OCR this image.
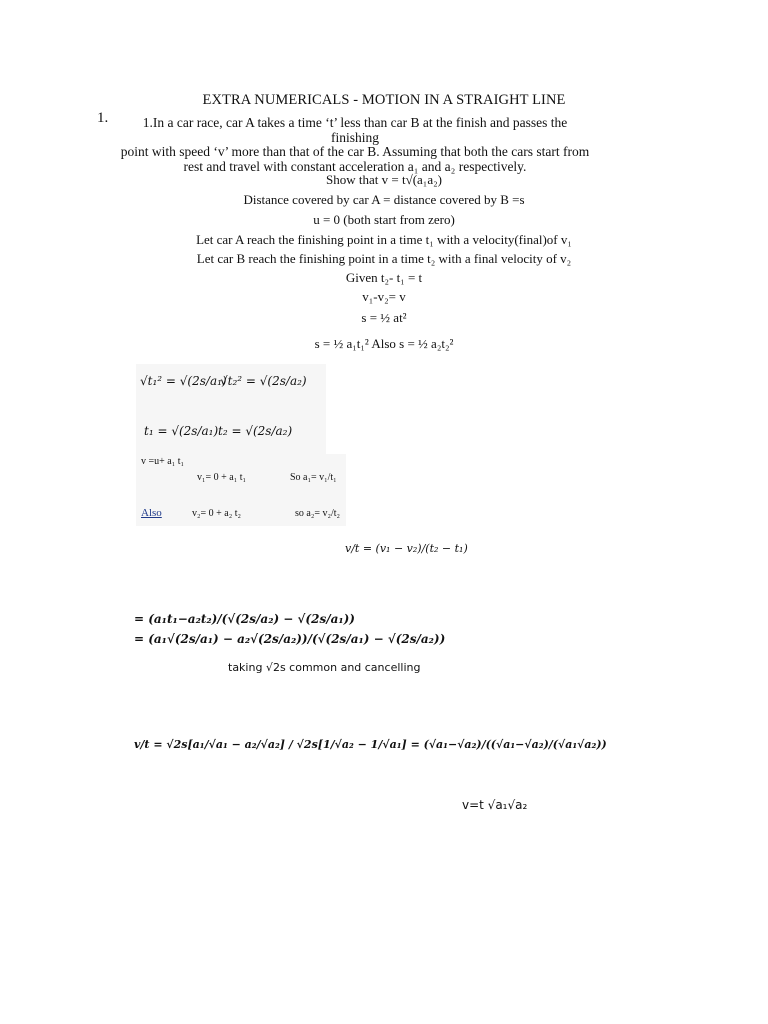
EXTRA NUMERICALS - MOTION IN A STRAIGHT LINE
1.	1.In a car race, car A takes a time ‘t’ less than car B at the finish and passes the finishing
point with speed ‘v’ more than that of the car B. Assuming that both the cars start from
rest and travel with constant acceleration a₁ and a₂ respectively.
Show that v = t√(a₁a₂)
Distance covered by car A = distance covered by B =s
u = 0 (both start from zero)
Let car A reach the finishing point in a time t₁ with a velocity(final)of v₁
Let car B reach the finishing point in a time t₂ with a final velocity of v₂
Given t₂- t₁ = t
v₁-v₂= v
s = ½ at²
s = ½ a₁t₁² Also s = ½ a₂t₂²
√t₁² = √(2s/a₁)
√t₂² = √(2s/a₂)
t₁ = √(2s/a₁) t₂ = √(2s/a₂)
v =u+ a₁ t₁
v₁= 0 + a₁ t₁	So a₁= v₁/t₁
Also	v₂= 0 + a₂ t₂	so a₂= v₂/t₂
v/t = (v₁ − v₂)/(t₂ − t₁)
= (a₁t₁−a₂t₂)/(√(2s/a₂) − √(2s/a₁))
= (a₁√(2s/a₁) − a₂√(2s/a₂))/(√(2s/a₁) − √(2s/a₂))
taking √2s common and cancelling
v/t = √2s[a₁/√a₁ − a₂/√a₂] / √2s[1/√a₂ − 1/√a₁] = (√a₁−√a₂)/((√a₁−√a₂)/(√a₁√a₂))
v=t √a₁√a₂
